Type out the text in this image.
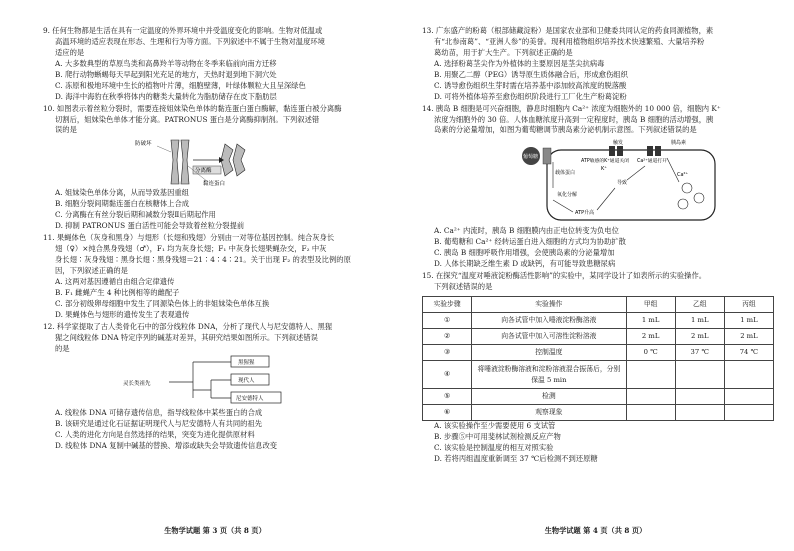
9. 任何生物都是生活在具有一定温度的外界环境中并受温度变化的影响。生物对低温或

高温环境的适应表现在形态、生理和行为等方面。下列叙述中不属于生物对温度环境

适应的是

A. 大多数典型的草原鸟类和高鼻羚羊等动物在冬季来临前向南方迁移

B. 爬行动物蜥蜴每天早起到阳光充足的地方，天热时退到地下洞穴处

C. 冻原和极地环境中生长的植物叶片薄，细胞壁薄，叶绿体颗粒大且呈深绿色

D. 海洋中海豹在秋季将体内的糖类大量转化为脂肪储存在皮下脂肪层

10. 如图表示着丝粒分裂时，需要连接姐妹染色单体的黏连蛋白蛋白酶解，黏连蛋白被分离酶

切割后，姐妹染色单体才能分离。PATRONUS 蛋白是分离酶抑制剂。下列叙述错

误的是

防破坏
分离酶
黏连蛋白

A. 姐妹染色单体分离，从而导致基因重组

B. 细胞分裂间期黏连蛋白在核糖体上合成

C. 分离酶在有丝分裂后期和减数分裂Ⅱ后期起作用

D. 抑制 PATRONUS 蛋白活性可能会导致着丝粒分裂提前

11. 果蝇体色（灰身和黑身）与翅形（长翅和残翅）分别由一对等位基因控制。纯合灰身长

翅（♀）×纯合黑身残翅（♂），F₁ 均为灰身长翅；F₁ 中灰身长翅果蝇杂交，F₂ 中灰

身长翅∶灰身残翅∶黑身长翅∶黑身残翅＝21∶4∶4∶21。关于出现 F₂ 的表型及比例的原

因，下列叙述正确的是

A. 这两对基因遵循自由组合定律遗传

B. F₁ 雌蝇产生 4 种比例相等的雌配子

C. 部分初级卵母细胞中发生了同源染色体上的非姐妹染色单体互换

D. 果蝇体色与翅形的遗传发生了表观遗传

12. 科学家提取了古人类骨化石中的部分线粒体 DNA，分析了现代人与尼安德特人、黑猩

猩之间线粒体 DNA 特定序列的碱基对差异，其研究结果如图所示。下列叙述错误

的是

灵长类祖先
黑猩猩
现代人
尼安德特人

A. 线粒体 DNA 可储存遗传信息，指导线粒体中某些蛋白的合成

B. 该研究是通过化石证据证明现代人与尼安德特人有共同的祖先

C. 人类的进化方向是自然选择的结果，突变为进化提供原材料

D. 线粒体 DNA 复制中碱基的替换、增添或缺失会导致遗传信息改变

生物学试题 第 3 页（共 8 页）

13. 广东盛产的粉葛（根部储藏淀粉）是国家农业部和卫健委共同认定的药食同源植物，素

有“北参南葛”、“亚洲人参”的美誉。现利用植物组织培养技术快速繁殖、大量培养粉

葛幼苗，用于扩大生产。下列叙述正确的是

A. 选择粉葛茎尖作为外植体的主要原因是茎尖抗病毒

B. 用聚乙二醇（PEG）诱导原生质体融合后，形成愈伤组织

C. 诱导愈伤组织生芽时需在培养基中添加较高浓度的脱落酸

D. 可将外植体培养至愈伤组织阶段进行工厂化生产粉葛淀粉

14. 胰岛 B 细胞是可兴奋细胞，静息时细胞内 Ca²⁺ 浓度为细胞外的 10 000 倍，细胞内 K⁺

浓度为细胞外的 30 倍。人体血糖浓度升高到一定程度时，胰岛 B 细胞的活动增强，胰

岛素的分泌量增加，如图为葡萄糖调节胰岛素分泌机制示意图。下列叙述错误的是

葡萄糖
载体蛋白
氧化分解
ATP升高
触发
ATP敏感的K⁺通道关闭
K⁺
导致
Ca²⁺通道打开
胰岛素
Ca²⁺

A. Ca²⁺ 内流时，胰岛 B 细胞膜内由正电位转变为负电位

B. 葡萄糖和 Ca²⁺ 经转运蛋白进入细胞的方式均为协助扩散

C. 胰岛 B 细胞呼吸作用增强，会使胰岛素的分泌量增加

D. 人体长期缺乏维生素 D 或缺钙，有可能导致患糖尿病

15. 在探究“温度对唾液淀粉酶活性影响”的实验中，某同学设计了如表所示的实验操作。

下列叙述错误的是

实验步骤	实验操作	甲组	乙组	丙组
①	向各试管中加入唾液淀粉酶溶液	1 mL	1 mL	1 mL
②	向各试管中加入可溶性淀粉溶液	2 mL	2 mL	2 mL
③	控制温度	0 ℃	37 ℃	74 ℃
④	将唾液淀粉酶溶液和淀粉溶液混合振荡后，分别保温 5 min			
⑤	检测			
⑥	观察现象			

A. 该实验操作至少需要使用 6 支试管

B. 步骤⑤中可用斐林试剂检测反应产物

C. 该实验是控制温度的相互对照实验

D. 若将丙组温度重新调至 37 ℃后检测不到还原糖

生物学试题 第 4 页（共 8 页）
